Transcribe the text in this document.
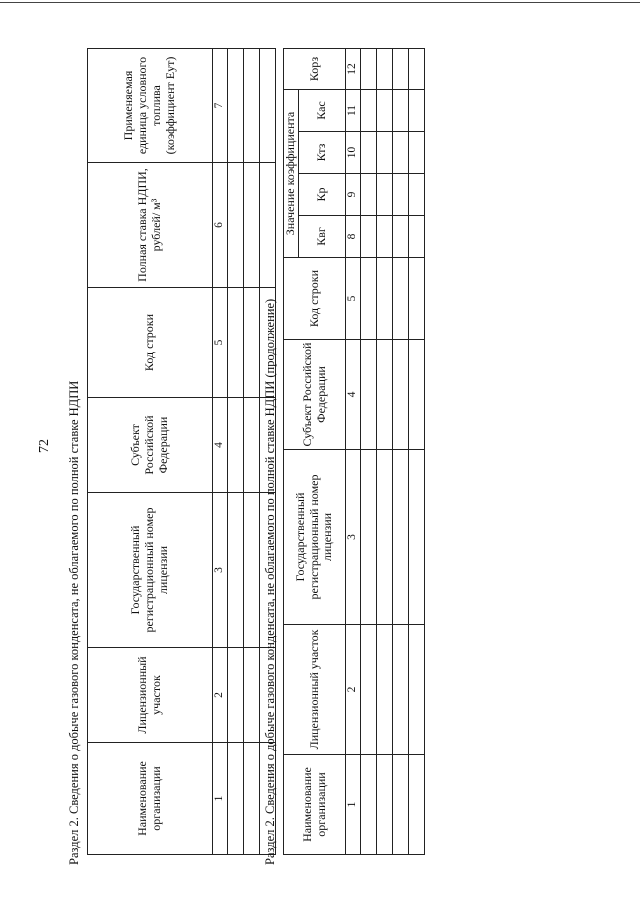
72 Раздел 2. Сведения о добыче газового конденсата, не облагаемого по полной ставке НДПИ	Наименование организации	Лицензионный участок	Государственный регистрационный номер лицензии	Субъект Российской Федерации	Код строки	Полная ставка НДПИ, рублей/ м³	Применяемая единица условного топлива (коэффициент Еут)
1	2	3	4	5	6	7

Раздел 2. Сведения о добыче газового конденсата, не облагаемого по полной ставке НДПИ (продолжение) Наименование организации	Лицензионный участок	Государственный регистрационный номер лицензии	Субъект Российской Федерации	Код строки	Значение коэффициента				Корз
					Квг	Кр	Ктз	Кас	
1	2	3	4	5	8	9	10	11	12
